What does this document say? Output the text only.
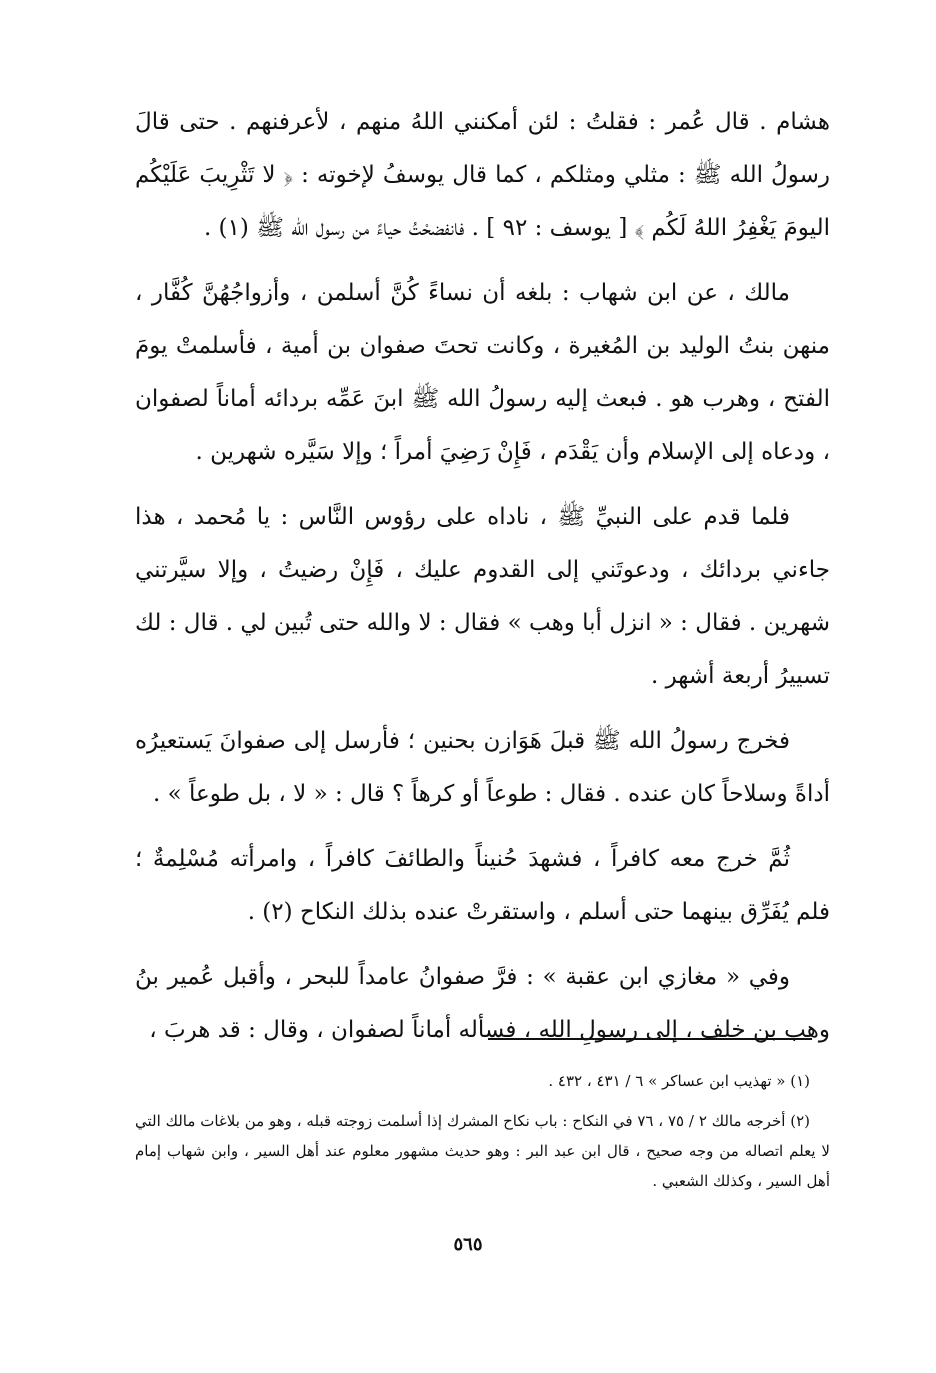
هشام . قال عُمر : فقلتُ : لئن أمكنني اللهُ منهم ، لأعرفنهم . حتى قالَ رسولُ الله ﷺ : مثلي ومثلكم ، كما قال يوسفُ لإخوته : ﴿ لا تَثْرِيبَ عَلَيْكُم اليومَ يَغْفِرُ اللهُ لَكُم ﴾ [ يوسف : ٩٢ ] . فانفضحْتُ حياءً من رسول الله ﷺ (١) .

مالك ، عن ابن شهاب : بلغه أن نساءً كُنَّ أسلمن ، وأزواجُهُنَّ كُفَّار ، منهن بنتُ الوليد بن المُغيرة ، وكانت تحتَ صفوان بن أمية ، فأسلمتْ يومَ الفتح ، وهرب هو . فبعث إليه رسولُ الله ﷺ ابنَ عَمِّه بردائه أماناً لصفوان ، ودعاه إلى الإسلام وأن يَقْدَم ، فَإِنْ رَضِيَ أمراً ؛ وإلا سَيَّره شهرين .

فلما قدم على النبيِّ ﷺ ، ناداه على رؤوس النَّاس : يا مُحمد ، هذا جاءني بردائك ، ودعوتَني إلى القدوم عليك ، فَإِنْ رضيتُ ، وإلا سيَّرتني شهرين . فقال : « انزل أبا وهب » فقال : لا والله حتى تُبين لي . قال : لك تسييرُ أربعة أشهر .

فخرج رسولُ الله ﷺ قبلَ هَوَازن بحنين ؛ فأرسل إلى صفوانَ يَستعيرُه أداةً وسلاحاً كان عنده . فقال : طوعاً أو كرهاً ؟ قال : « لا ، بل طوعاً » .

ثُمَّ خرج معه كافراً ، فشهدَ حُنيناً والطائفَ كافراً ، وامرأته مُسْلِمةٌ ؛ فلم يُفَرِّق بينهما حتى أسلم ، واستقرتْ عنده بذلك النكاح (٢) .

وفي « مغازي ابن عقبة » : فرَّ صفوانُ عامداً للبحر ، وأقبل عُمير بنُ وهب بن خلف ، إلى رسولِ الله ، فسأله أماناً لصفوان ، وقال : قد هربَ ،

(١) « تهذيب ابن عساكر » ٦ / ٤٣١ ، ٤٣٢ .

(٢) أخرجه مالك ٢ / ٧٥ ، ٧٦ في النكاح : باب نكاح المشرك إذا أسلمت زوجته قبله ، وهو من بلاغات مالك التي لا يعلم اتصاله من وجه صحيح ، قال ابن عبد البر : وهو حديث مشهور معلوم عند أهل السير ، وابن شهاب إمام أهل السير ، وكذلك الشعبي .

٥٦٥
